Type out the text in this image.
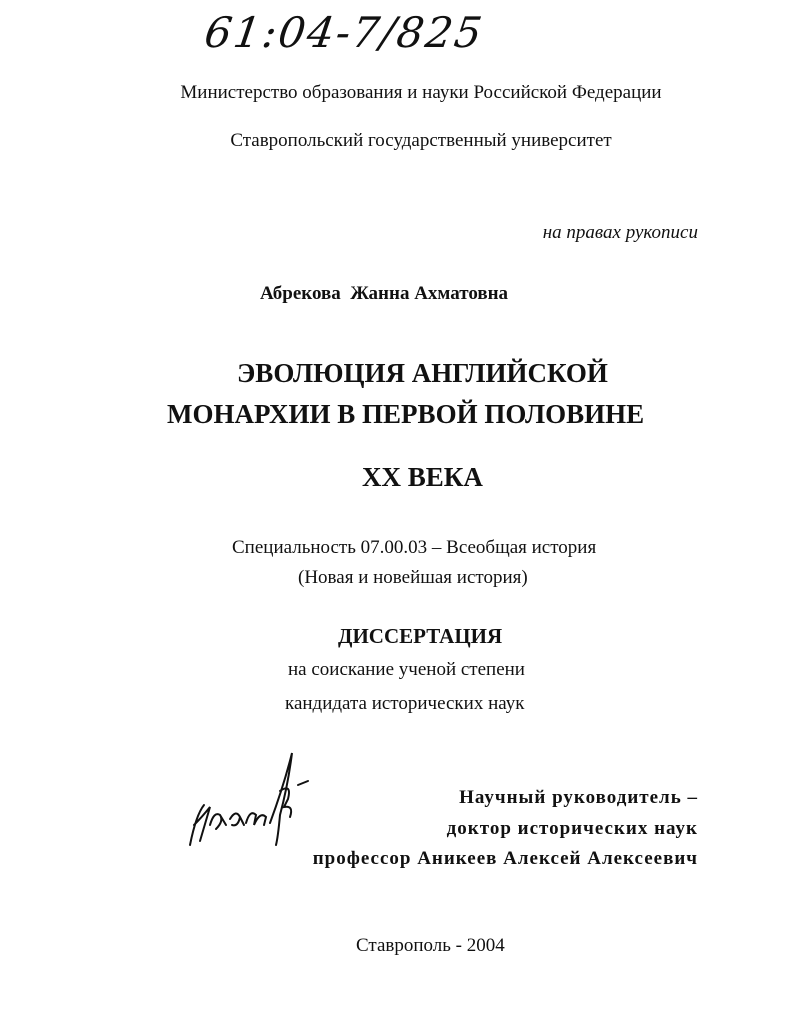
61:04-7/825
Министерство образования и науки Российской Федерации
Ставропольский государственный университет
на правах рукописи
Абрекова  Жанна Ахматовна
ЭВОЛЮЦИЯ АНГЛИЙСКОЙ
МОНАРХИИ В ПЕРВОЙ ПОЛОВИНЕ
XX ВЕКА
Специальность 07.00.03 – Всеобщая история
(Новая и новейшая история)
ДИССЕРТАЦИЯ
на соискание ученой степени
кандидата исторических наук
Научный руководитель –
доктор исторических наук
профессор Аникеев Алексей Алексеевич
Ставрополь - 2004
